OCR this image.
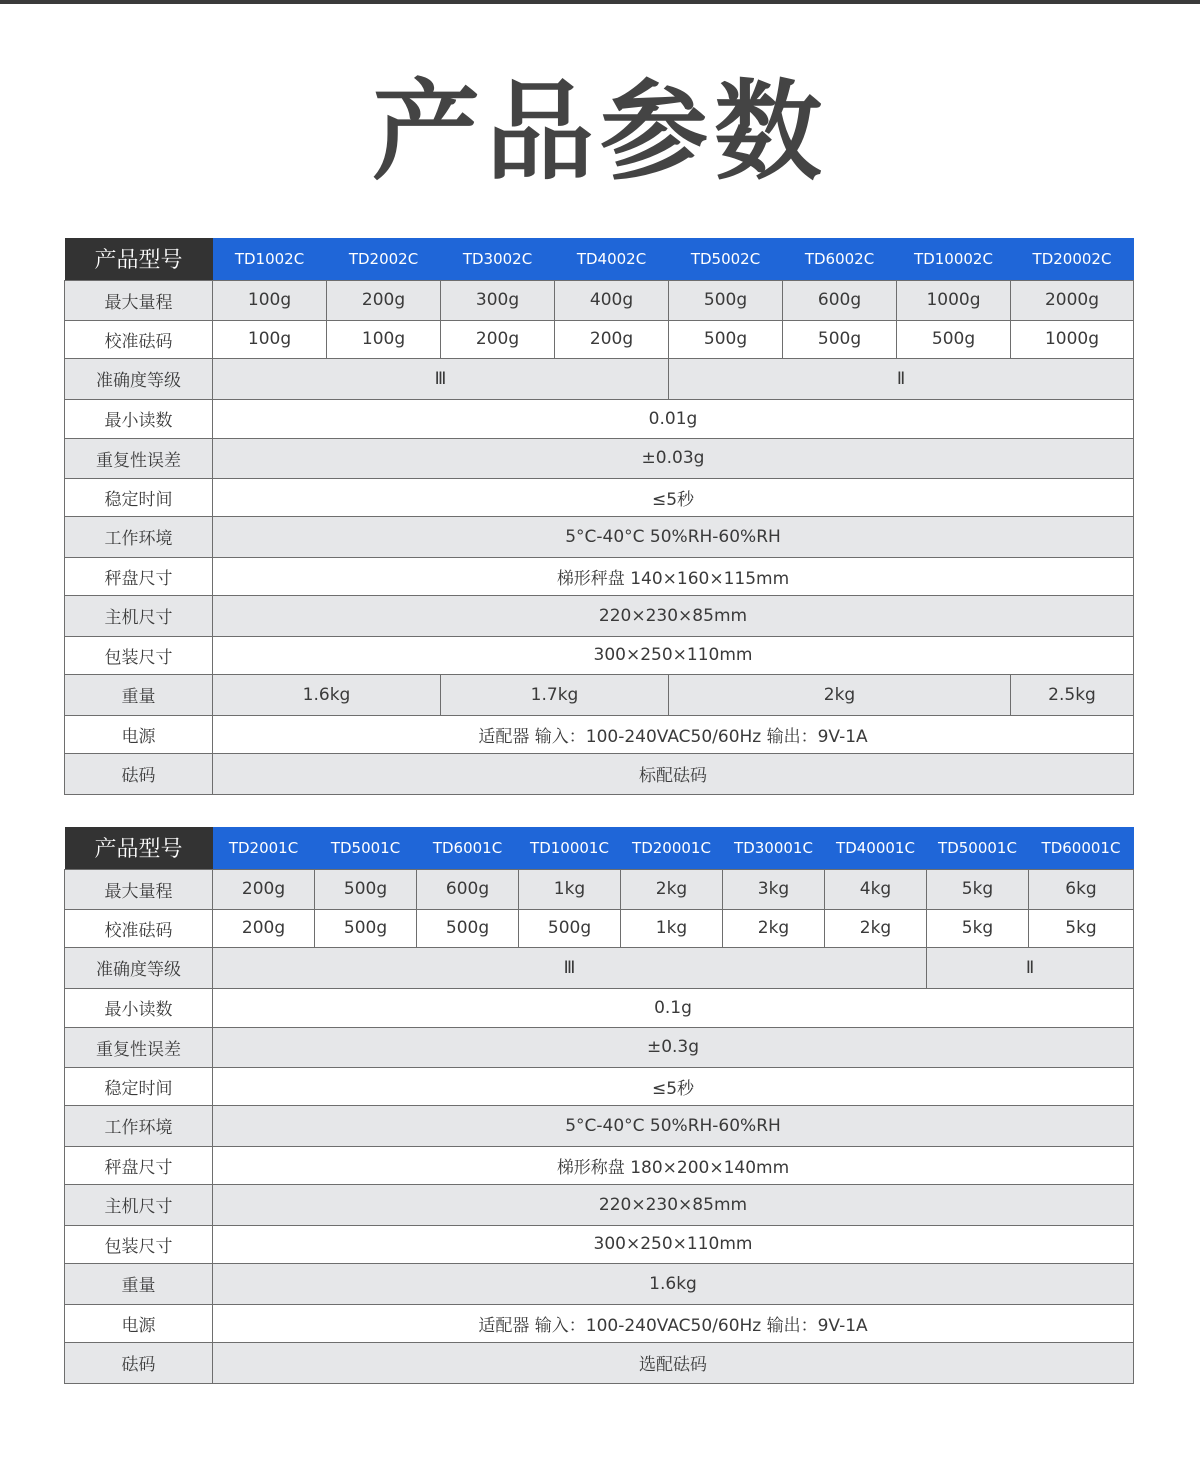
产品参数
产品型号	TD1002C	TD2002C	TD3002C	TD4002C	TD5002C	TD6002C	TD10002C	TD20002C
最大量程	100g	200g	300g	400g	500g	600g	1000g	2000g
校准砝码	100g	100g	200g	200g	500g	500g	500g	1000g
准确度等级	Ⅲ				Ⅱ			
最小读数	0.01g							
重复性误差	±0.03g							
稳定时间	≤5秒							
工作环境	5°C-40°C 50%RH-60%RH							
秤盘尺寸	梯形秤盘 140×160×115mm							
主机尺寸	220×230×85mm							
包装尺寸	300×250×110mm							
重量	1.6kg		1.7kg		2kg			2.5kg
电源	适配器 输入：100-240VAC50/60Hz 输出：9V-1A							
砝码	标配砝码							
产品型号	TD2001C	TD5001C	TD6001C	TD10001C	TD20001C	TD30001C	TD40001C	TD50001C	TD60001C
最大量程	200g	500g	600g	1kg	2kg	3kg	4kg	5kg	6kg
校准砝码	200g	500g	500g	500g	1kg	2kg	2kg	5kg	5kg
准确度等级	Ⅲ							Ⅱ	
最小读数	0.1g								
重复性误差	±0.3g								
稳定时间	≤5秒								
工作环境	5°C-40°C 50%RH-60%RH								
秤盘尺寸	梯形称盘 180×200×140mm								
主机尺寸	220×230×85mm								
包装尺寸	300×250×110mm								
重量	1.6kg								
电源	适配器 输入：100-240VAC50/60Hz 输出：9V-1A								
砝码	选配砝码								
